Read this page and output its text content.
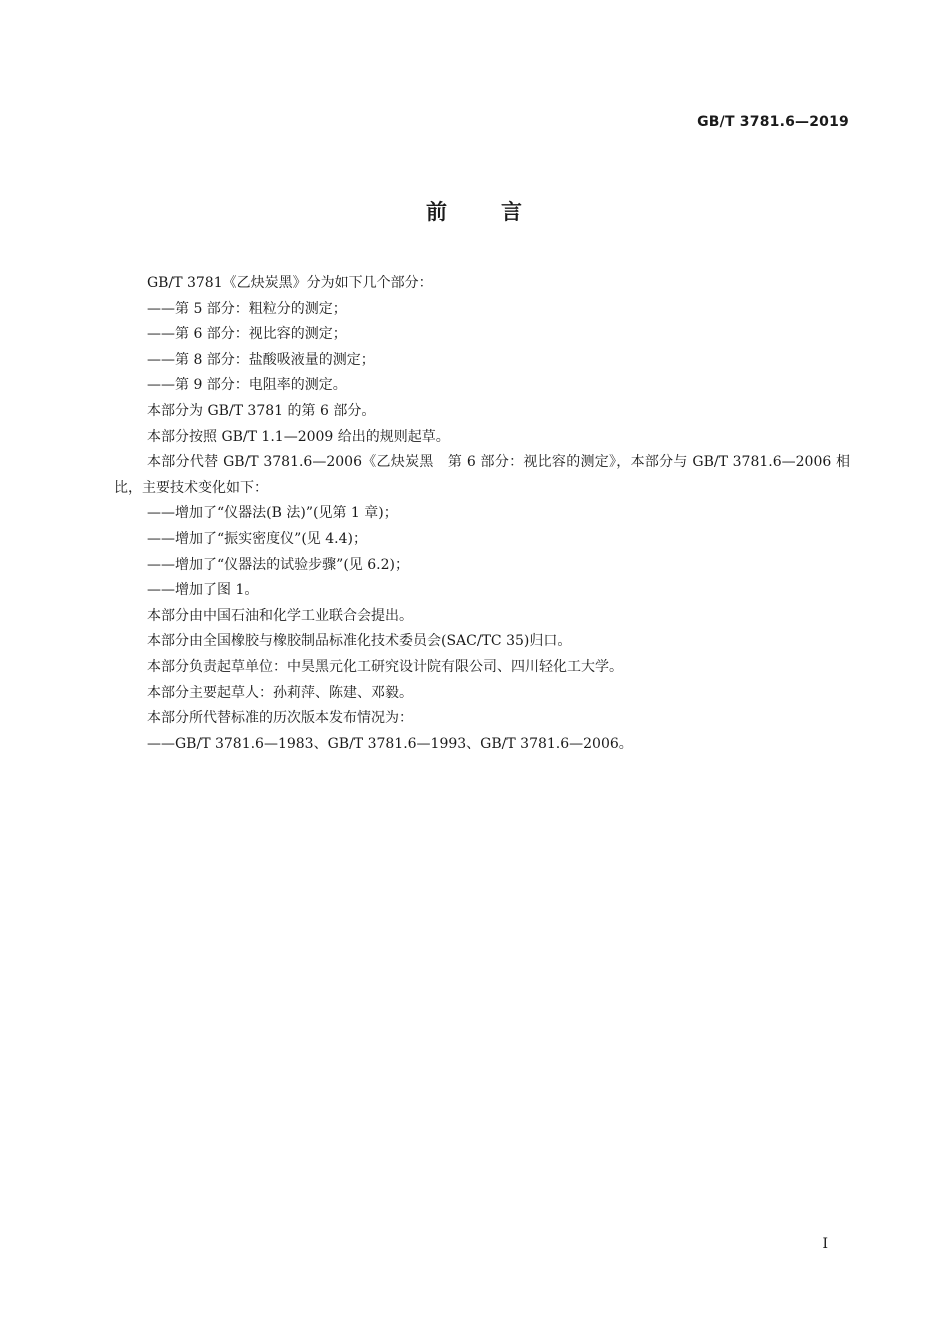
GB/T 3781.6—2019
前 言

GB/T 3781《乙炔炭黑》分为如下几个部分：

——第 5 部分：粗粒分的测定；

——第 6 部分：视比容的测定；

——第 8 部分：盐酸吸液量的测定；

——第 9 部分：电阻率的测定。

本部分为 GB/T 3781 的第 6 部分。

本部分按照 GB/T 1.1—2009 给出的规则起草。

本部分代替 GB/T 3781.6—2006《乙炔炭黑　第 6 部分：视比容的测定》，本部分与 GB/T 3781.6—2006 相比，主要技术变化如下：

——增加了“仪器法(B 法)”(见第 1 章)；

——增加了“振实密度仪”(见 4.4)；

——增加了“仪器法的试验步骤”(见 6.2)；

——增加了图 1。

本部分由中国石油和化学工业联合会提出。

本部分由全国橡胶与橡胶制品标准化技术委员会(SAC/TC 35)归口。

本部分负责起草单位：中昊黑元化工研究设计院有限公司、四川轻化工大学。

本部分主要起草人：孙莉萍、陈建、邓毅。

本部分所代替标准的历次版本发布情况为：

——GB/T 3781.6—1983、GB/T 3781.6—1993、GB/T 3781.6—2006。

I
